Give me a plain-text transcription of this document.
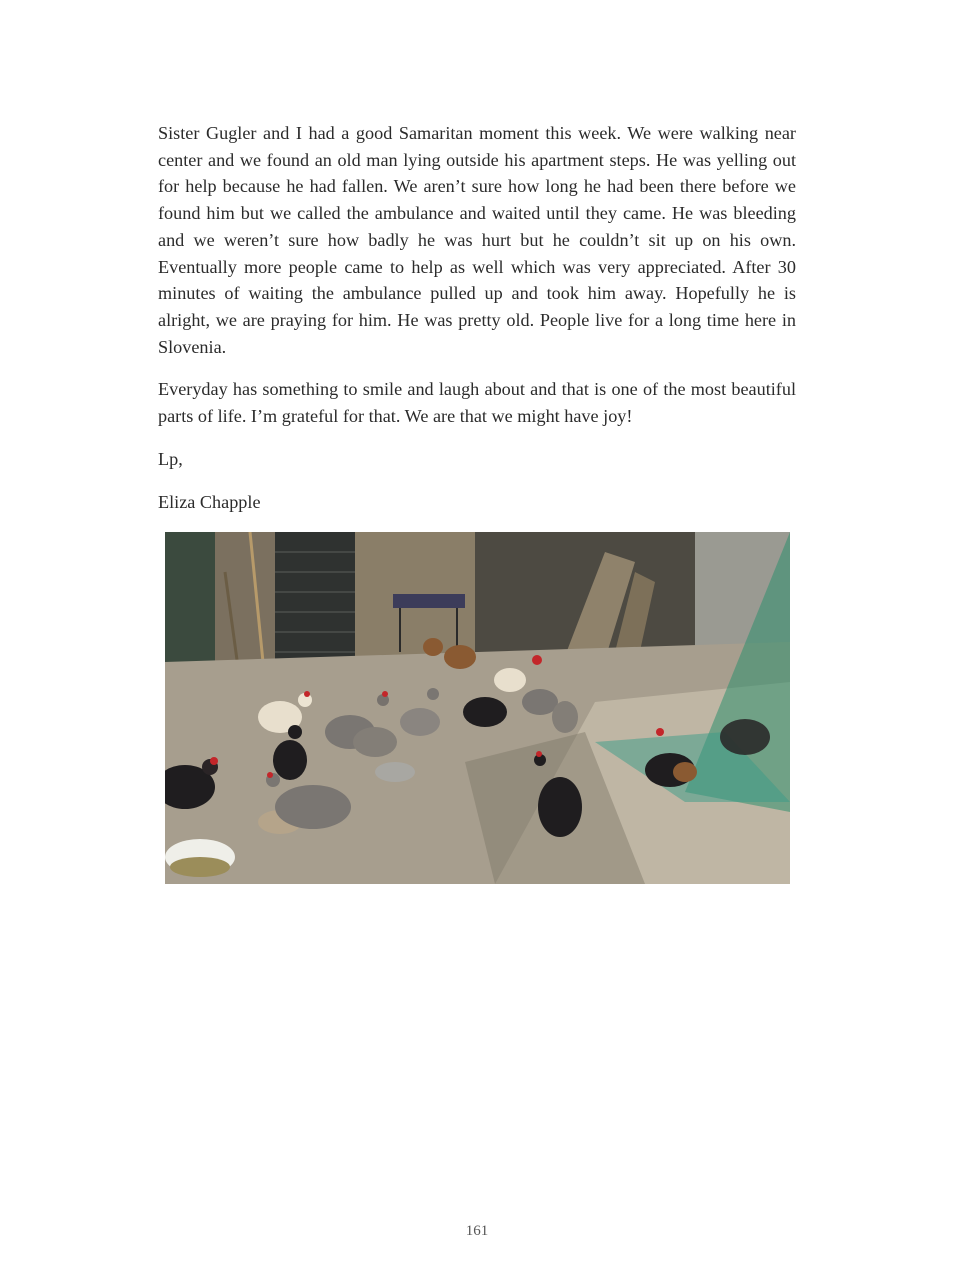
Sister Gugler and I had a good Samaritan moment this week. We were walking near center and we found an old man lying outside his apartment steps. He was yelling out for help because he had fallen. We aren’t sure how long he had been there before we found him but we called the ambulance and waited until they came. He was bleeding and we weren’t sure how badly he was hurt but he couldn’t sit up on his own. Eventually more people came to help as well which was very appreciated. After 30 minutes of waiting the ambulance pulled up and took him away. Hopefully he is alright, we are praying for him. He was pretty old. People live for a long time here in Slovenia.

Everyday has something to smile and laugh about and that is one of the most beautiful parts of life. I’m grateful for that. We are that we might have joy!

Lp,

Eliza Chapple

161
